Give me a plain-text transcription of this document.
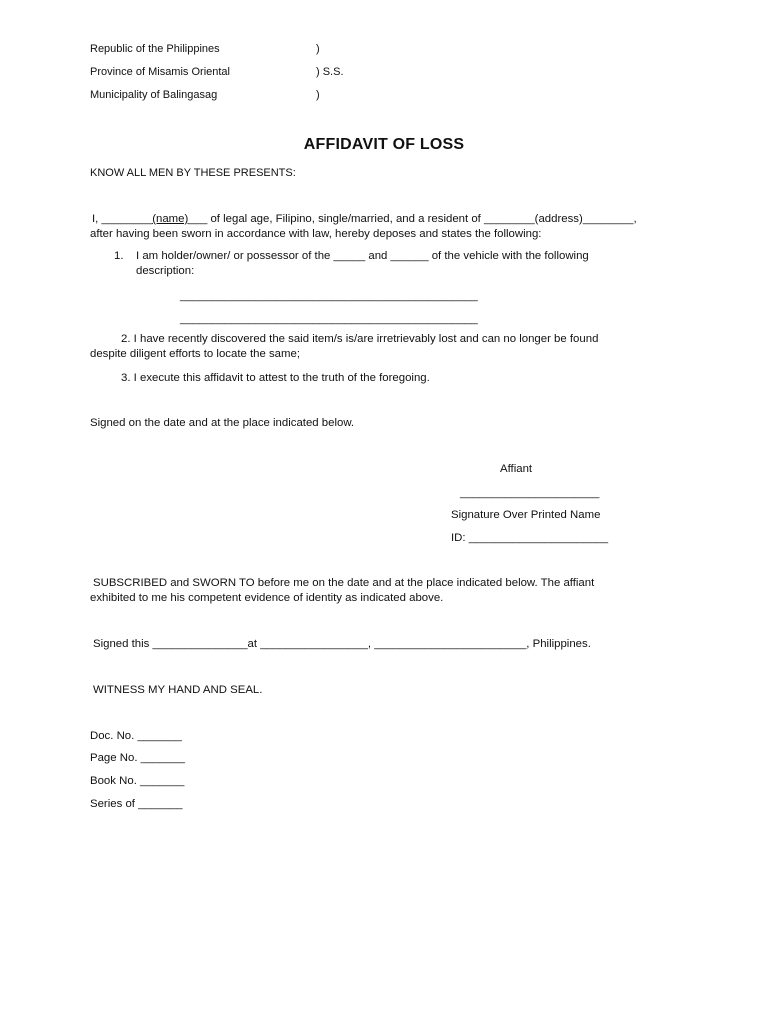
Republic of the Philippines	)
Province of Misamis Oriental	) S.S.
Municipality of Balingasag	)
AFFIDAVIT OF LOSS
KNOW ALL MEN BY THESE PRESENTS:
I, ________(name)___ of legal age, Filipino, single/married, and a resident of ________(address)________,
after having been sworn in accordance with law, hereby deposes and states the following:
1. I am holder/owner/ or possessor of the _____ and ______ of the vehicle with the following
description:
_______________________________________________
_______________________________________________
2. I have recently discovered the said item/s is/are irretrievably lost and can no longer be found
despite diligent efforts to locate the same;
3. I execute this affidavit to attest to the truth of the foregoing.
Signed on the date and at the place indicated below.
Affiant
______________________
Signature Over Printed Name
ID: ______________________
SUBSCRIBED and SWORN TO before me on the date and at the place indicated below. The affiant
exhibited to me his competent evidence of identity as indicated above.
Signed this _______________at _________________, ________________________, Philippines.
WITNESS MY HAND AND SEAL.
Doc. No. _______
Page No. _______
Book No. _______
Series of _______
